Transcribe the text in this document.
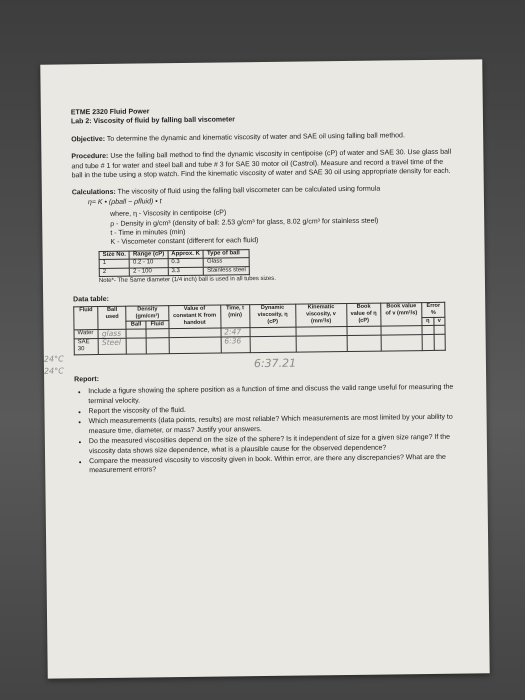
ETME 2320 Fluid Power

Lab 2: Viscosity of fluid by falling ball viscometer

Objective: To determine the dynamic and kinematic viscosity of water and SAE oil using falling ball method.

Procedure: Use the falling ball method to find the dynamic viscosity in centipoise (cP) of water and SAE 30. Use glass ball and tube # 1 for water and steel ball and tube # 3 for SAE 30 motor oil (Castrol). Measure and record a travel time of the ball in the tube using a stop watch. Find the kinematic viscosity of water and SAE 30 oil using appropriate density for each.

Calculations: The viscosity of fluid using the falling ball viscometer can be calculated using formula η= K • (ρball − ρfluid) • t

where, η - Viscosity in centipoise (cP)

ρ - Density in g/cm³ (density of ball: 2.53 g/cm³ for glass, 8.02 g/cm³ for stainless steel)

t - Time in minutes (min)

K - Viscometer constant (different for each fluid)

Size No.	Range (cP)	Approx. K	Type of ball
1	0.2 - 10	0.3	Glass
2	2 - 100	3.3	Stainless steel

Note*- The Same diameter (1/4 inch) ball is used in all tubes sizes.

Data table:

24°C
24°C
Fluid	Ball used	Density (gm/cm³)		Value of constant K from handout	Time, t (min)	Dynamic viscosity, η (cP)	Kinematic viscosity, v (mm²/s)	Book value of η (cP)	Book value of v (mm²/s)	Error %	
		Ball	Fluid							η	v
Water	glass				2:47						
SAE 30	Steel				6:36						
6:37.21

Report:

• Include a figure showing the sphere position as a function of time and discuss the valid range useful for measuring the terminal velocity.
• Report the viscosity of the fluid.
• Which measurements (data points, results) are most reliable? Which measurements are most limited by your ability to measure time, diameter, or mass? Justify your answers.
• Do the measured viscosities depend on the size of the sphere? Is it independent of size for a given size range? If the viscosity data shows size dependence, what is a plausible cause for the observed dependence?
• Compare the measured viscosity to viscosity given in book. Within error, are there any discrepancies? What are the measurement errors?
